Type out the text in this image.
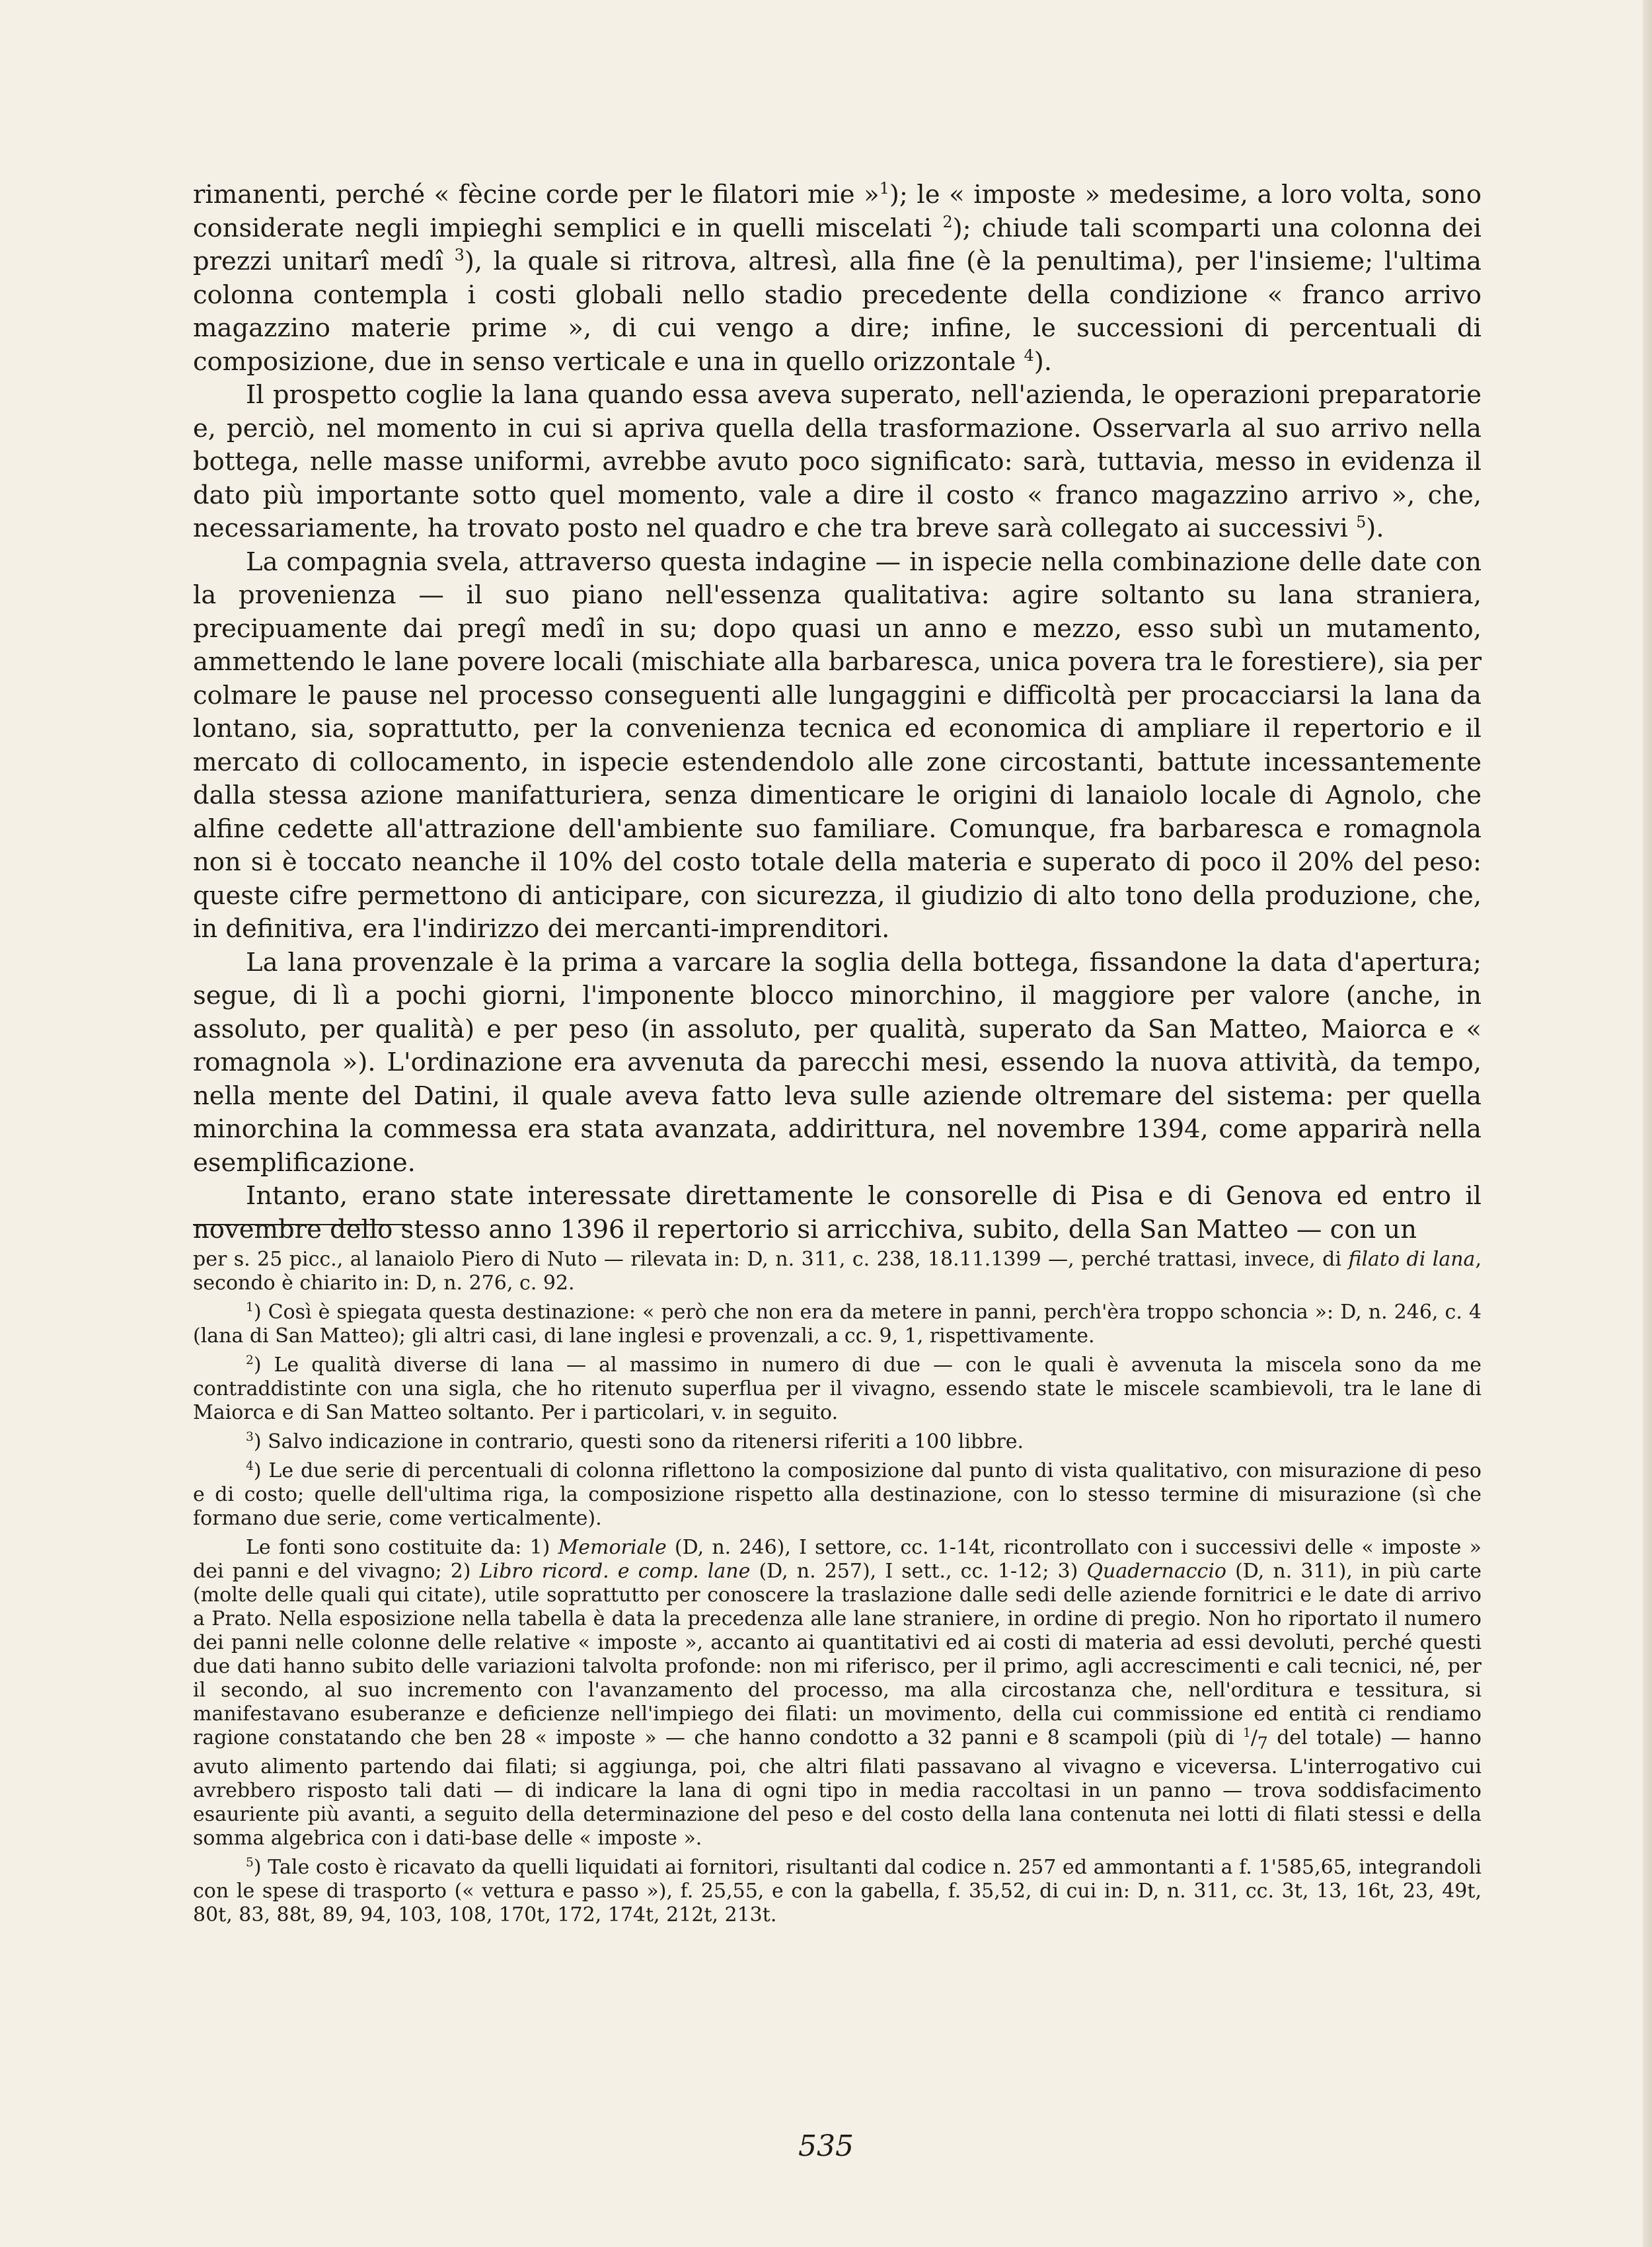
rimanenti, perché « fècine corde per le filatori mie »$^1$); le « imposte » medesime, a loro volta, sono considerate negli impieghi semplici e in quelli miscelati $^2$); chiude tali scomparti una colonna dei prezzi unitarî medî $^3$), la quale si ritrova, altresì, alla fine (è la penultima), per l'insieme; l'ultima colonna contempla i costi globali nello stadio precedente della condizione « franco arrivo magazzino materie prime », di cui vengo a dire; infine, le successioni di percentuali di composizione, due in senso verticale e una in quello orizzontale $^4$).

Il prospetto coglie la lana quando essa aveva superato, nell'azienda, le operazioni preparatorie e, perciò, nel momento in cui si apriva quella della trasformazione. Osservarla al suo arrivo nella bottega, nelle masse uniformi, avrebbe avuto poco significato: sarà, tuttavia, messo in evidenza il dato più importante sotto quel momento, vale a dire il costo « franco magazzino arrivo », che, necessariamente, ha trovato posto nel quadro e che tra breve sarà collegato ai successivi $^5$).

La compagnia svela, attraverso questa indagine — in ispecie nella combinazione delle date con la provenienza — il suo piano nell'essenza qualitativa: agire soltanto su lana straniera, precipuamente dai pregî medî in su; dopo quasi un anno e mezzo, esso subì un mutamento, ammettendo le lane povere locali (mischiate alla barbaresca, unica povera tra le forestiere), sia per colmare le pause nel processo conseguenti alle lungaggini e difficoltà per procacciarsi la lana da lontano, sia, soprattutto, per la convenienza tecnica ed economica di ampliare il repertorio e il mercato di collocamento, in ispecie estendendolo alle zone circostanti, battute incessantemente dalla stessa azione manifatturiera, senza dimenticare le origini di lanaiolo locale di Agnolo, che alfine cedette all'attrazione dell'ambiente suo familiare. Comunque, fra barbaresca e romagnola non si è toccato neanche il 10% del costo totale della materia e superato di poco il 20% del peso: queste cifre permettono di anticipare, con sicurezza, il giudizio di alto tono della produzione, che, in definitiva, era l'indirizzo dei mercanti-imprenditori.

La lana provenzale è la prima a varcare la soglia della bottega, fissandone la data d'apertura; segue, di lì a pochi giorni, l'imponente blocco minorchino, il maggiore per valore (anche, in assoluto, per qualità) e per peso (in assoluto, per qualità, superato da San Matteo, Maiorca e « romagnola »). L'ordinazione era avvenuta da parecchi mesi, essendo la nuova attività, da tempo, nella mente del Datini, il quale aveva fatto leva sulle aziende oltremare del sistema: per quella minorchina la commessa era stata avanzata, addirittura, nel novembre 1394, come apparirà nella esemplificazione.

Intanto, erano state interessate direttamente le consorelle di Pisa e di Genova ed entro il novembre dello stesso anno 1396 il repertorio si arricchiva, subito, della San Matteo — con un

per s. 25 picc., al lanaiolo Piero di Nuto — rilevata in: D, n. 311, c. 238, 18.11.1399 —, perché trattasi, invece, di filato di lana, secondo è chiarito in: D, n. 276, c. 92.

$^1$) Così è spiegata questa destinazione: « però che non era da metere in panni, perch'èra troppo schoncia »: D, n. 246, c. 4 (lana di San Matteo); gli altri casi, di lane inglesi e provenzali, a cc. 9, 1, rispettivamente.

$^2$) Le qualità diverse di lana — al massimo in numero di due — con le quali è avvenuta la miscela sono da me contraddistinte con una sigla, che ho ritenuto superflua per il vivagno, essendo state le miscele scambievoli, tra le lane di Maiorca e di San Matteo soltanto. Per i particolari, v. in seguito.

$^3$) Salvo indicazione in contrario, questi sono da ritenersi riferiti a 100 libbre.

$^4$) Le due serie di percentuali di colonna riflettono la composizione dal punto di vista qualitativo, con misurazione di peso e di costo; quelle dell'ultima riga, la composizione rispetto alla destinazione, con lo stesso termine di misurazione (sì che formano due serie, come verticalmente).

Le fonti sono costituite da: 1) Memoriale (D, n. 246), I settore, cc. 1-14t, ricontrollato con i successivi delle « imposte » dei panni e del vivagno; 2) Libro ricord. e comp. lane (D, n. 257), I sett., cc. 1-12; 3) Quadernaccio (D, n. 311), in più carte (molte delle quali qui citate), utile soprattutto per conoscere la traslazione dalle sedi delle aziende fornitrici e le date di arrivo a Prato. Nella esposizione nella tabella è data la precedenza alle lane straniere, in ordine di pregio. Non ho riportato il numero dei panni nelle colonne delle relative « imposte », accanto ai quantitativi ed ai costi di materia ad essi devoluti, perché questi due dati hanno subito delle variazioni talvolta profonde: non mi riferisco, per il primo, agli accrescimenti e cali tecnici, né, per il secondo, al suo incremento con l'avanzamento del processo, ma alla circostanza che, nell'orditura e tessitura, si manifestavano esuberanze e deficienze nell'impiego dei filati: un movimento, della cui commissione ed entità ci rendiamo ragione constatando che ben 28 « imposte » — che hanno condotto a 32 panni e 8 scampoli (più di $^1/_7$ del totale) — hanno avuto alimento partendo dai filati; si aggiunga, poi, che altri filati passavano al vivagno e viceversa. L'interrogativo cui avrebbero risposto tali dati — di indicare la lana di ogni tipo in media raccoltasi in un panno — trova soddisfacimento esauriente più avanti, a seguito della determinazione del peso e del costo della lana contenuta nei lotti di filati stessi e della somma algebrica con i dati-base delle « imposte ».

$^5$) Tale costo è ricavato da quelli liquidati ai fornitori, risultanti dal codice n. 257 ed ammontanti a f. 1'585,65, integrandoli con le spese di trasporto (« vettura e passo »), f. 25,55, e con la gabella, f. 35,52, di cui in: D, n. 311, cc. 3t, 13, 16t, 23, 49t, 80t, 83, 88t, 89, 94, 103, 108, 170t, 172, 174t, 212t, 213t.

535
